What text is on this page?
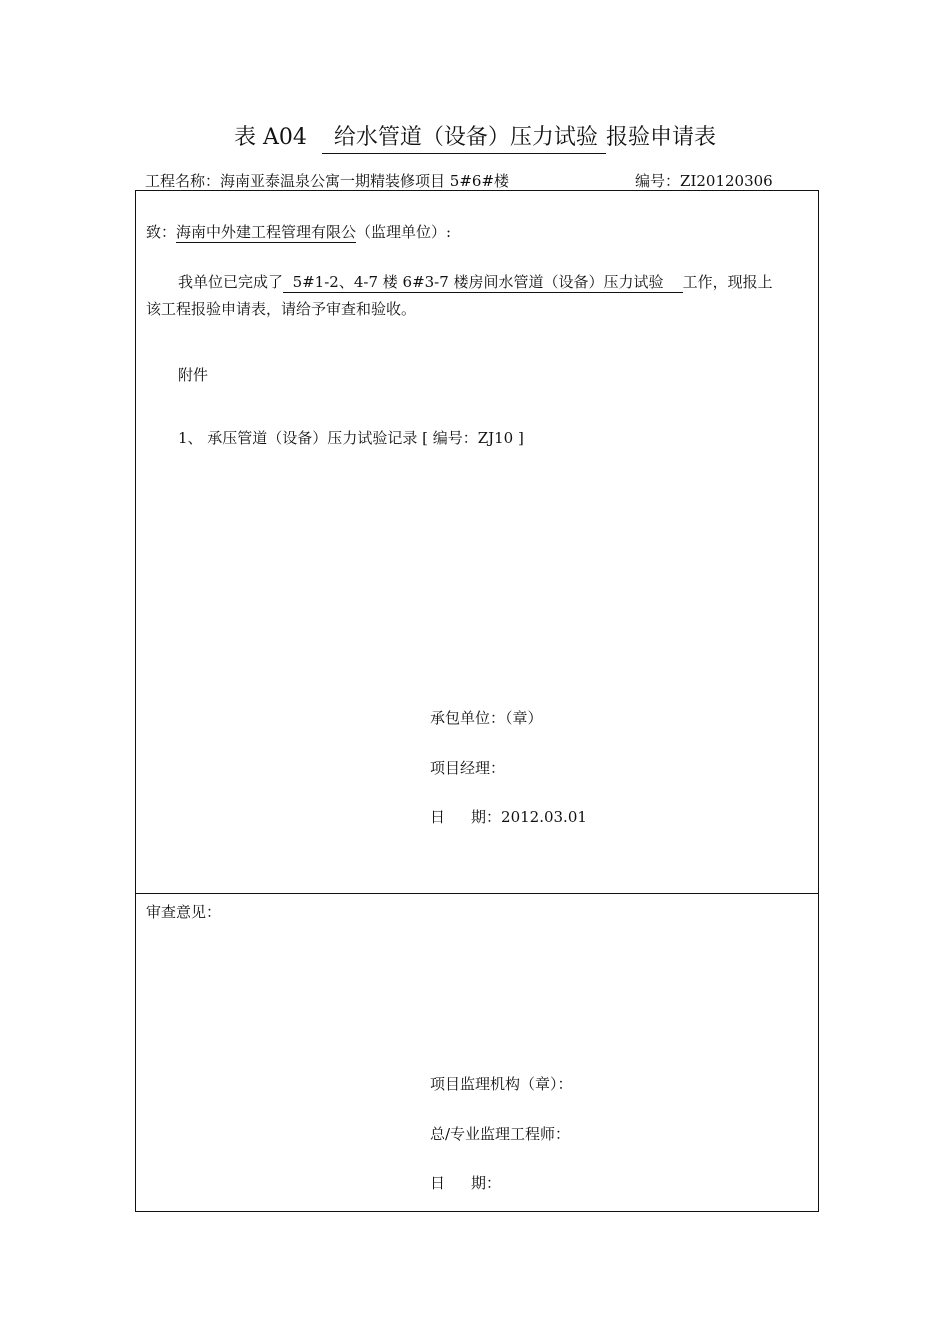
表 A04 给水管道（设备）压力试验 报验申请表
工程名称：海南亚泰温泉公寓一期精装修项目 5#6#楼	编号：ZI20120306
致：海南中外建工程管理有限公（监理单位）:
我单位已完成了 5#1-2、4-7 楼 6#3-7 楼房间水管道（设备）压力试验 工作，现报上
该工程报验申请表，请给予审查和验收。
附件
1、 承压管道（设备）压力试验记录 [ 编号：ZJ10 ]
承包单位：（章）
项目经理：
日 期：2012.03.01
审查意见：
项目监理机构（章）：
总/专业监理工程师：
日 期：
